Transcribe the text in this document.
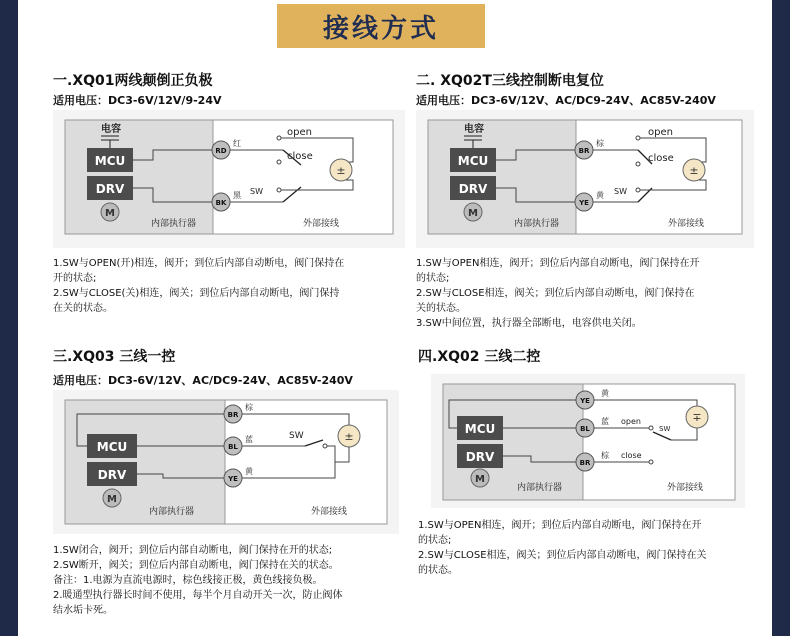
接线方式
一.XQ01两线颠倒正负极
适用电压：DC3-6V/12V/9-24V
电容
MCU
DRV
M
RD
BK
红
黑 SW
open
close
±
内部执行器	外部接线
1.SW与OPEN(开)相连，阀开；到位后内部自动断电，阀门保持在
开的状态;
2.SW与CLOSE(关)相连，阀关；到位后内部自动断电，阀门保持
在关的状态。
二. XQ02T三线控制断电复位
适用电压：DC3-6V/12V、AC/DC9-24V、AC85V-240V
电容
MCU
DRV
M
BR
YE
棕
黄 SW
open
close
±
内部执行器	外部接线
1.SW与OPEN相连，阀开；到位后内部自动断电，阀门保持在开
的状态;
2.SW与CLOSE相连，阀关；到位后内部自动断电，阀门保持在
关的状态。
3.SW中间位置，执行器全部断电，电容供电关闭。
三.XQ03 三线一控
适用电压：DC3-6V/12V、AC/DC9-24V、AC85V-240V
MCU
DRV
M
BR
BL
YE
棕
蓝
黄
SW	±
内部执行器	外部接线
1.SW闭合，阀开；到位后内部自动断电，阀门保持在开的状态;
2.SW断开，阀关；到位后内部自动断电，阀门保持在关的状态。
备注：1.电源为直流电源时，棕色线接正极，黄色线接负极。
2.暖通型执行器长时间不使用，每半个月自动开关一次，防止阀体
结水垢卡死。
四.XQ02 三线二控
MCU
DRV
M
YE
BL
BR
黄
蓝
棕
open
close
SW
∓
内部执行器	外部接线
1.SW与OPEN相连，阀开；到位后内部自动断电，阀门保持在开
的状态;
2.SW与CLOSE相连，阀关；到位后内部自动断电，阀门保持在关
的状态。
